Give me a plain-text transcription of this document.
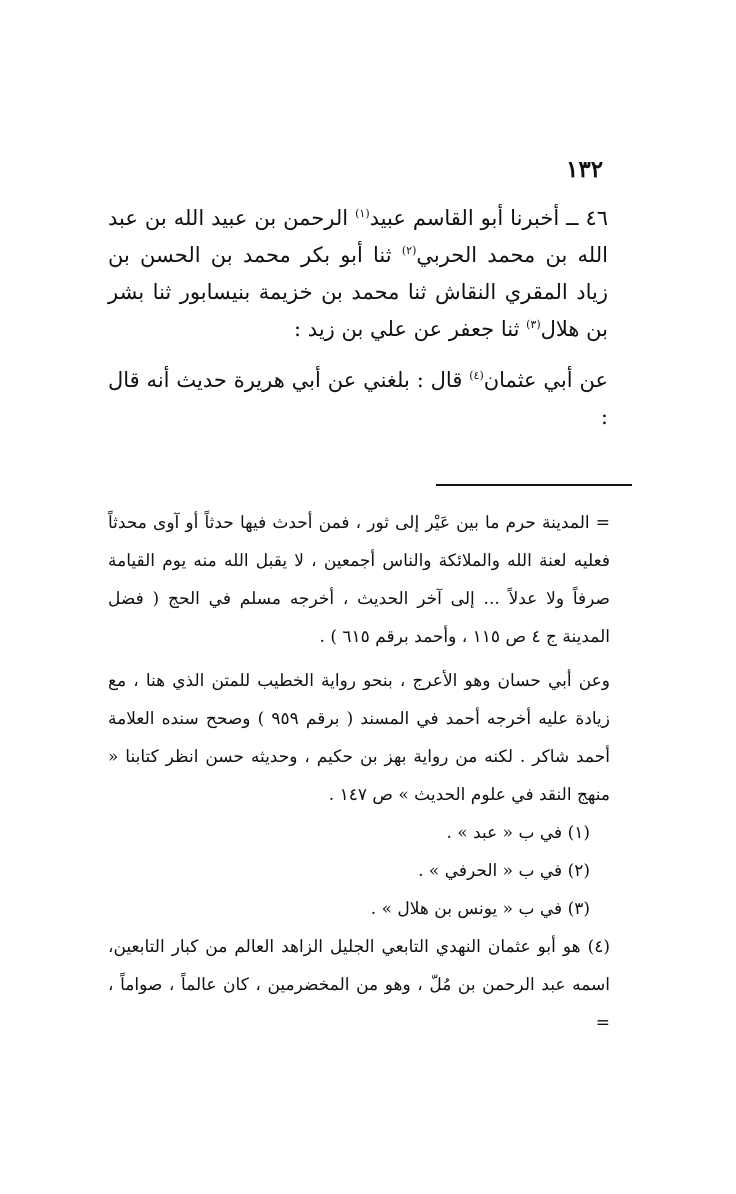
١٣٢

٤٦ ــ أخبرنا أبو القاسم عبيد$^{(١)}$ الرحمن بن عبيد الله بن عبد الله بن محمد الحربي$^{(٢)}$ ثنا أبو بكر محمد بن الحسن بن زياد المقري النقاش ثنا محمد بن خزيمة بنيسابور ثنا بشر بن هلال$^{(٣)}$ ثنا جعفر عن علي بن زيد :

عن أبي عثمان$^{(٤)}$ قال : بلغني عن أبي هريرة حديث أنه قال :

= المدينة حرم ما بين عَيْر إلى ثور ، فمن أحدث فيها حدثاً أو آوى محدثاً فعليه لعنة الله والملائكة والناس أجمعين ، لا يقبل الله منه يوم القيامة صرفاً ولا عدلاً ... إلى آخر الحديث ، أخرجه مسلم في الحج ( فضل المدينة ج ٤ ص ١١٥ ، وأحمد برقم ٦١٥ ) .

وعن أبي حسان وهو الأعرج ، بنحو رواية الخطيب للمتن الذي هنا ، مع زيادة عليه أخرجه أحمد في المسند ( برقم ٩٥٩ ) وصحح سنده العلامة أحمد شاكر . لكنه من رواية بهز بن حكيم ، وحديثه حسن انظر كتابنا « منهج النقد في علوم الحديث » ص ١٤٧ .

(١) في ب « عبد » .

(٢) في ب « الحرفي » .

(٣) في ب « يونس بن هلال » .

(٤) هو أبو عثمان النهدي التابعي الجليل الزاهد العالم من كبار التابعين، اسمه عبد الرحمن بن مُلّ ، وهو من المخضرمين ، كان عالماً ، صواماً ، =
